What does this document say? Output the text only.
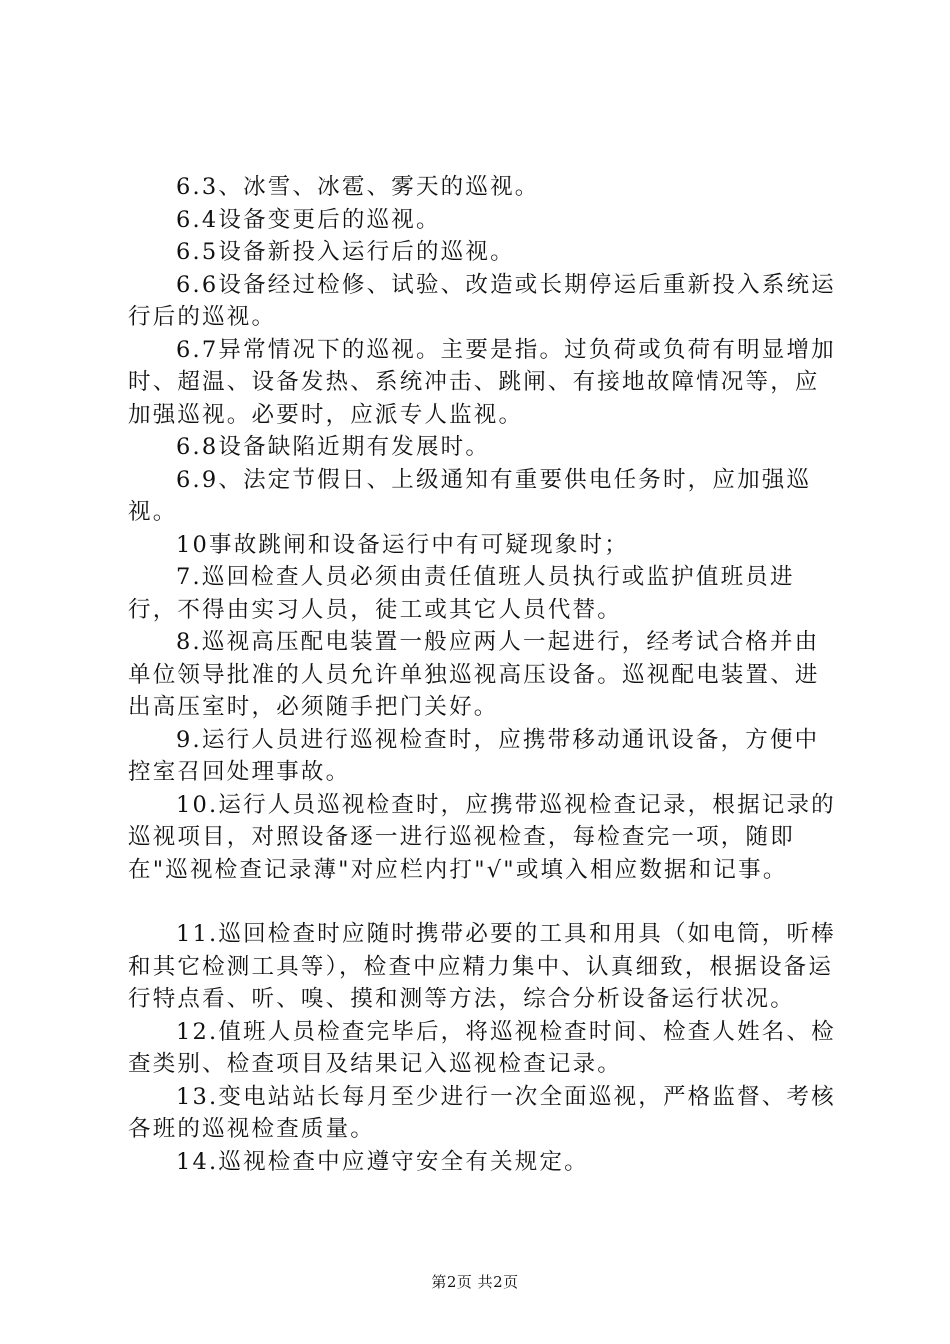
6.3、冰雪、冰雹、雾天的巡视。

6.4设备变更后的巡视。

6.5设备新投入运行后的巡视。

6.6设备经过检修、试验、改造或长期停运后重新投入系统运行后的巡视。

6.7异常情况下的巡视。主要是指。过负荷或负荷有明显增加时、超温、设备发热、系统冲击、跳闸、有接地故障情况等，应加强巡视。必要时，应派专人监视。

6.8设备缺陷近期有发展时。

6.9、法定节假日、上级通知有重要供电任务时，应加强巡视。

10事故跳闸和设备运行中有可疑现象时；

7.巡回检查人员必须由责任值班人员执行或监护值班员进行，不得由实习人员，徒工或其它人员代替。

8.巡视高压配电装置一般应两人一起进行，经考试合格并由单位领导批准的人员允许单独巡视高压设备。巡视配电装置、进出高压室时，必须随手把门关好。

9.运行人员进行巡视检查时，应携带移动通讯设备，方便中控室召回处理事故。

10.运行人员巡视检查时，应携带巡视检查记录，根据记录的巡视项目，对照设备逐一进行巡视检查，每检查完一项，随即在"巡视检查记录薄"对应栏内打"√"或填入相应数据和记事。

11.巡回检查时应随时携带必要的工具和用具（如电筒，听棒和其它检测工具等），检查中应精力集中、认真细致，根据设备运行特点看、听、嗅、摸和测等方法，综合分析设备运行状况。

12.值班人员检查完毕后，将巡视检查时间、检查人姓名、检查类别、检查项目及结果记入巡视检查记录。

13.变电站站长每月至少进行一次全面巡视，严格监督、考核各班的巡视检查质量。

14.巡视检查中应遵守安全有关规定。

第2页 共2页
